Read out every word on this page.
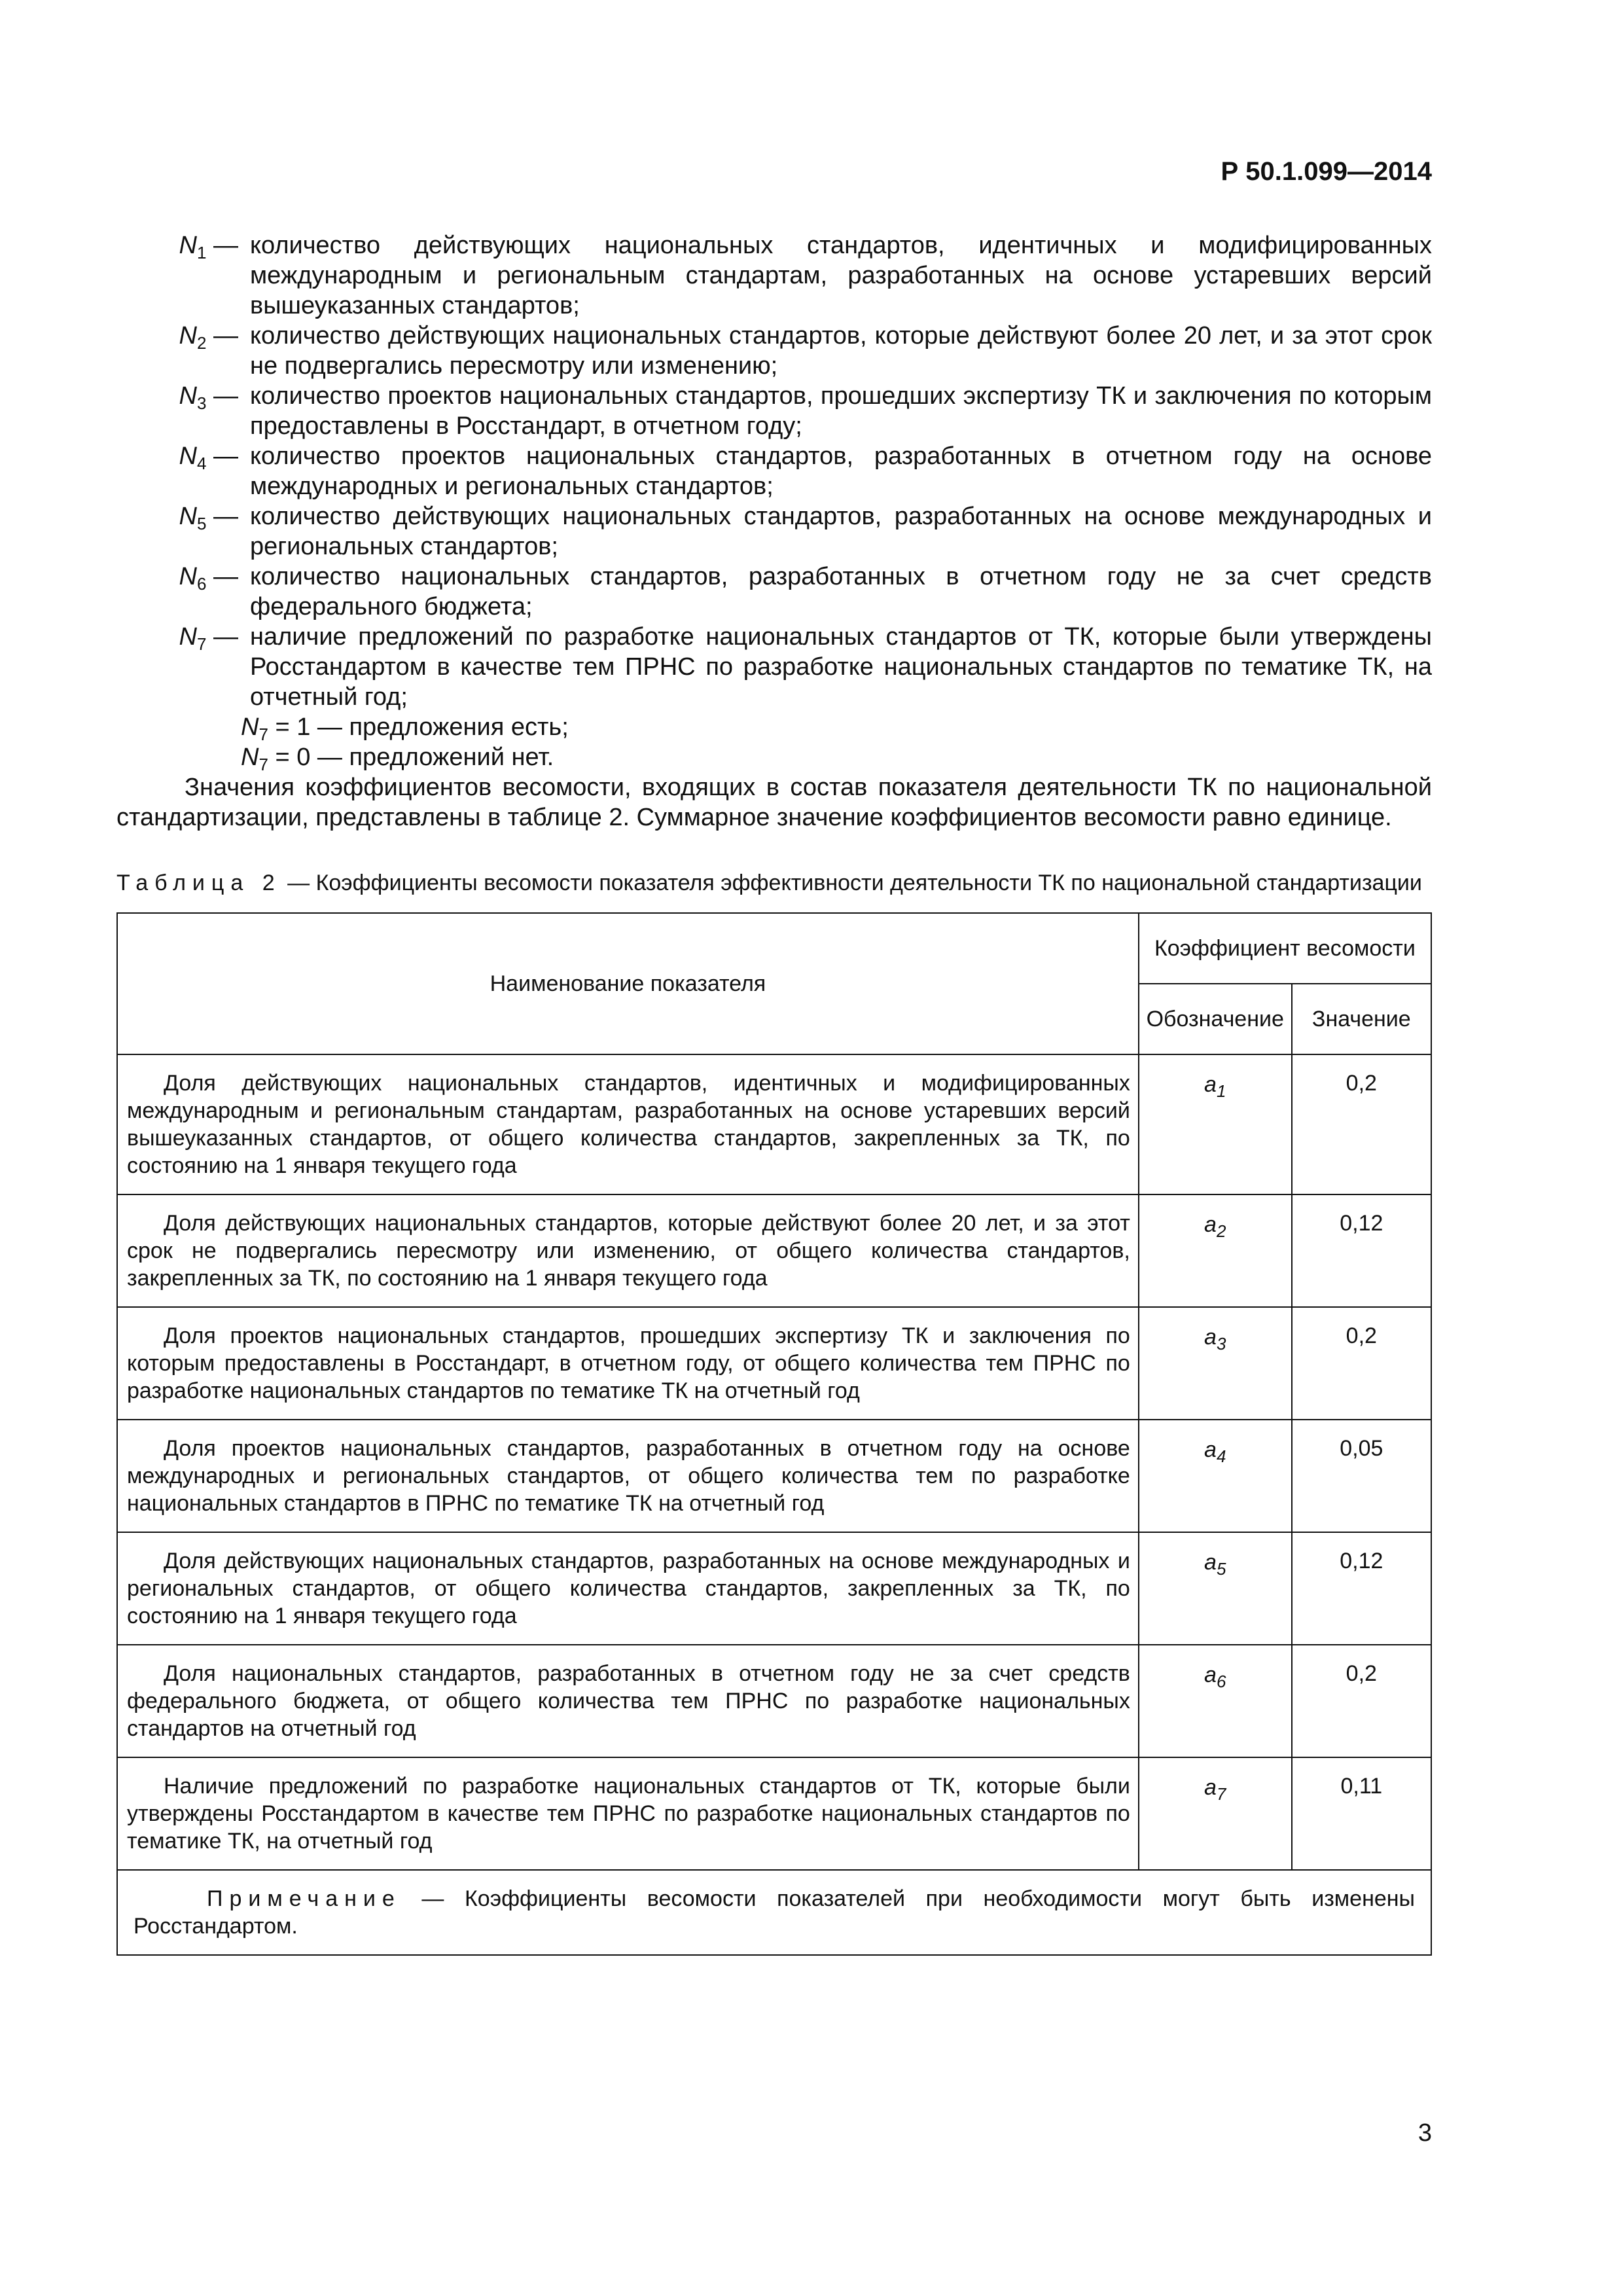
Р 50.1.099—2014
$N_1$ — количество действующих национальных стандартов, идентичных и модифицированных международным и региональным стандартам, разработанных на основе устаревших версий вышеуказанных стандартов;
$N_2$ — количество действующих национальных стандартов, которые действуют более 20 лет, и за этот срок не подвергались пересмотру или изменению;
$N_3$ — количество проектов национальных стандартов, прошедших экспертизу ТК и заключения по которым предоставлены в Росстандарт, в отчетном году;
$N_4$ — количество проектов национальных стандартов, разработанных в отчетном году на основе международных и региональных стандартов;
$N_5$ — количество действующих национальных стандартов, разработанных на основе международных и региональных стандартов;
$N_6$ — количество национальных стандартов, разработанных в отчетном году не за счет средств федерального бюджета;
$N_7$ — наличие предложений по разработке национальных стандартов от ТК, которые были утверждены Росстандартом в качестве тем ПРНС по разработке национальных стандартов по тематике ТК, на отчетный год;
$N_7 = 1$ — предложения есть;
$N_7 = 0$ — предложений нет.

Значения коэффициентов весомости, входящих в состав показателя деятельности ТК по национальной стандартизации, представлены в таблице 2. Суммарное значение коэффициентов весомости равно единице.

Таблица 2 — Коэффициенты весомости показателя эффективности деятельности ТК по национальной стандартизации
Наименование показателя	Коэффициент весомости	
	Обозначение	Значение

Доля действующих национальных стандартов, идентичных и модифицированных международным и региональным стандартам, разработанных на основе устаревших версий вышеуказанных стандартов, от общего количества стандартов, закрепленных за ТК, по состоянию на 1 января текущего года	$a_1$	0,2

Доля действующих национальных стандартов, которые действуют более 20 лет, и за этот срок не подвергались пересмотру или изменению, от общего количества стандартов, закрепленных за ТК, по состоянию на 1 января текущего года	$a_2$	0,12

Доля проектов национальных стандартов, прошедших экспертизу ТК и заключения по которым предоставлены в Росстандарт, в отчетном году, от общего количества тем ПРНС по разработке национальных стандартов по тематике ТК на отчетный год	$a_3$	0,2

Доля проектов национальных стандартов, разработанных в отчетном году на основе международных и региональных стандартов, от общего количества тем по разработке национальных стандартов в ПРНС по тематике ТК на отчетный год	$a_4$	0,05

Доля действующих национальных стандартов, разработанных на основе международных и региональных стандартов, от общего количества стандартов, закрепленных за ТК, по состоянию на 1 января текущего года	$a_5$	0,12

Доля национальных стандартов, разработанных в отчетном году не за счет средств федерального бюджета, от общего количества тем ПРНС по разработке национальных стандартов на отчетный год	$a_6$	0,2

Наличие предложений по разработке национальных стандартов от ТК, которые были утверждены Росстандартом в качестве тем ПРНС по разработке национальных стандартов по тематике ТК, на отчетный год	$a_7$	0,11
Примечание — Коэффициенты весомости показателей при необходимости могут быть изменены Росстандартом.		
3
